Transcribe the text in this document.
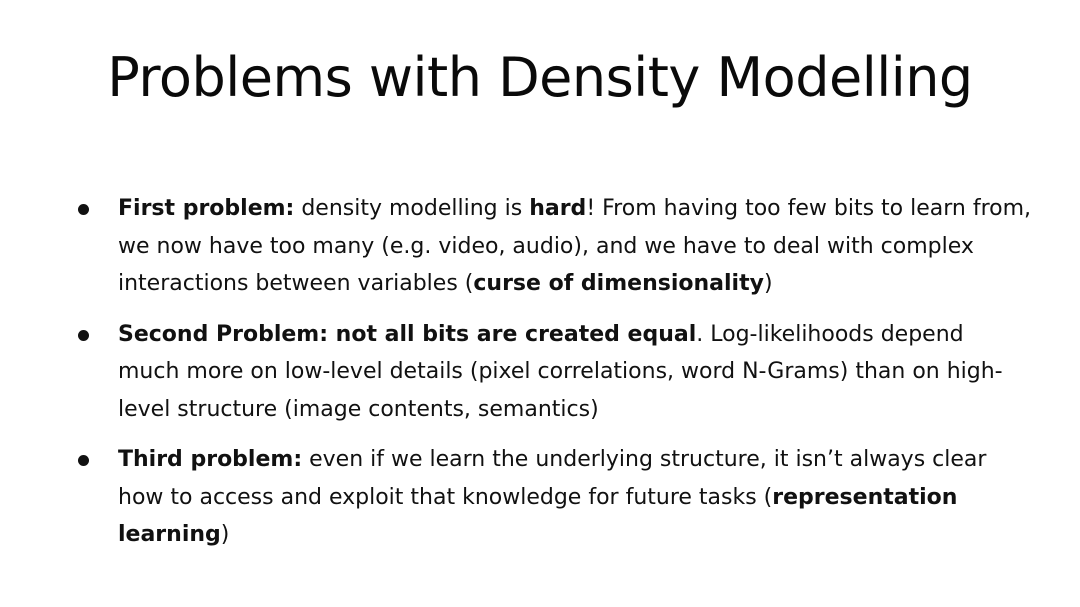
Problems with Density Modelling
First problem: density modelling is hard! From having too few bits to learn from, we now have too many (e.g. video, audio), and we have to deal with complex interactions between variables (curse of dimensionality)
Second Problem: not all bits are created equal. Log-likelihoods depend much more on low-level details (pixel correlations, word N-Grams) than on high-level structure (image contents, semantics)
Third problem: even if we learn the underlying structure, it isn’t always clear how to access and exploit that knowledge for future tasks (representation learning)
